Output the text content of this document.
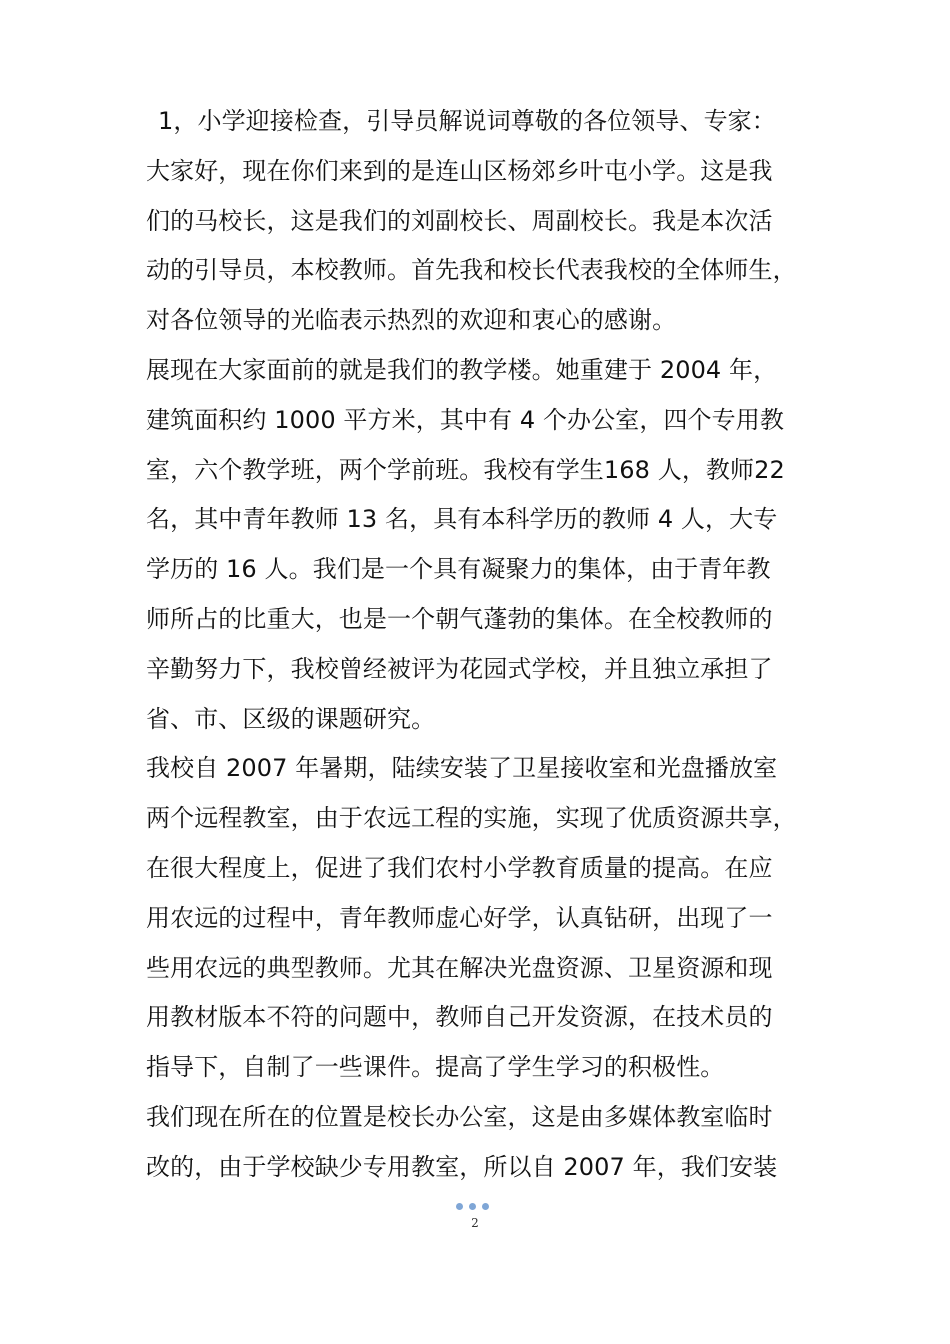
1，小学迎接检查，引导员解说词尊敬的各位领导、专家：
大家好，现在你们来到的是连山区杨郊乡叶屯小学。这是我
们的马校长，这是我们的刘副校长、周副校长。我是本次活
动的引导员，本校教师。首先我和校长代表我校的全体师生，
对各位领导的光临表示热烈的欢迎和衷心的感谢。
展现在大家面前的就是我们的教学楼。她重建于 2004 年，
建筑面积约 1000 平方米，其中有 4 个办公室，四个专用教
室，六个教学班，两个学前班。我校有学生168 人，教师22
名，其中青年教师 13 名，具有本科学历的教师 4 人，大专
学历的 16 人。我们是一个具有凝聚力的集体，由于青年教
师所占的比重大，也是一个朝气蓬勃的集体。在全校教师的
辛勤努力下，我校曾经被评为花园式学校，并且独立承担了
省、市、区级的课题研究。
我校自 2007 年暑期，陆续安装了卫星接收室和光盘播放室
两个远程教室，由于农远工程的实施，实现了优质资源共享，
在很大程度上，促进了我们农村小学教育质量的提高。在应
用农远的过程中，青年教师虚心好学，认真钻研，出现了一
些用农远的典型教师。尤其在解决光盘资源、卫星资源和现
用教材版本不符的问题中，教师自己开发资源，在技术员的
指导下，自制了一些课件。提高了学生学习的积极性。
我们现在所在的位置是校长办公室，这是由多媒体教室临时
改的，由于学校缺少专用教室，所以自 2007 年，我们安装
2
